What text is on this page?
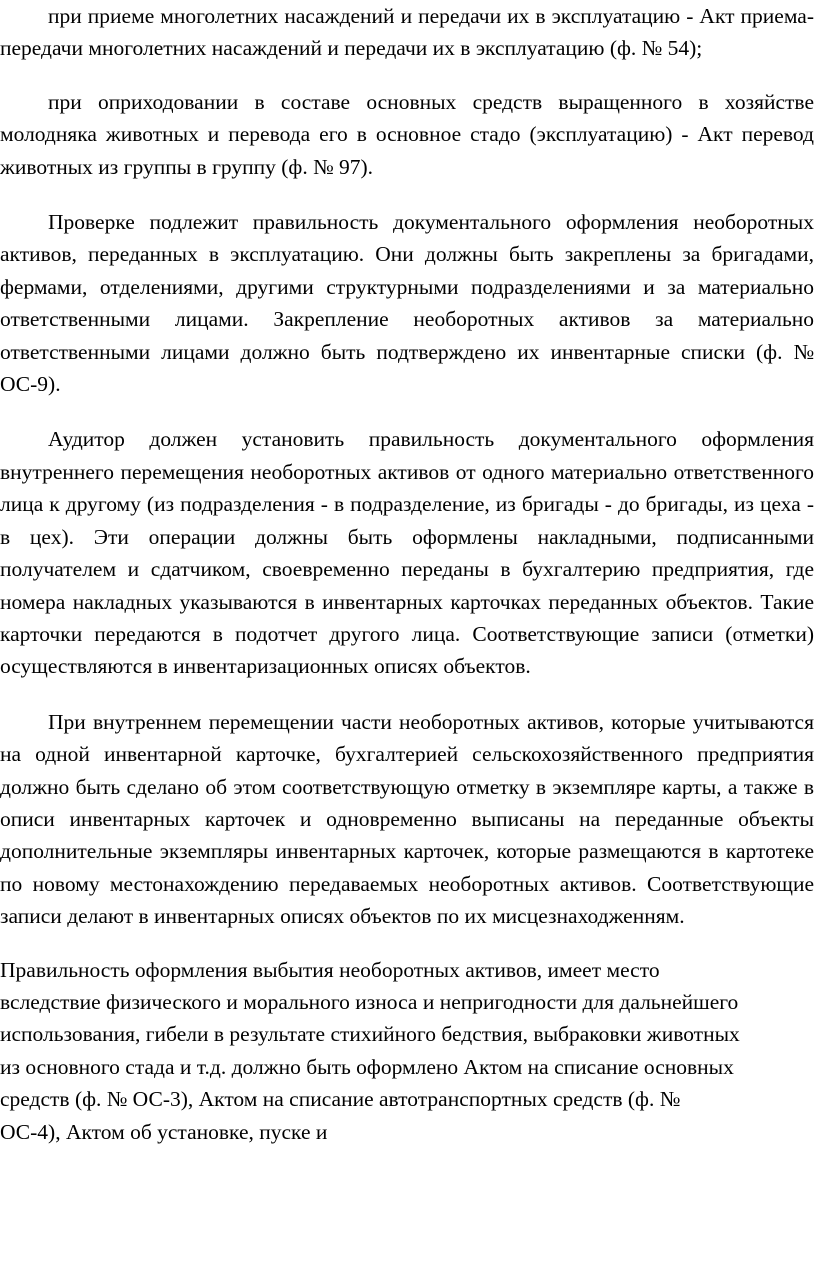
при приеме многолетних насаждений и передачи их в эксплуатацию - Акт приема-передачи многолетних насаждений и передачи их в эксплуатацию (ф. № 54);

при оприходовании в составе основных средств выращенного в хозяйстве молодняка животных и перевода его в основное стадо (эксплуатацию) - Акт перевод животных из группы в группу (ф. № 97).

Проверке подлежит правильность документального оформления необоротных активов, переданных в эксплуатацию. Они должны быть закреплены за бригадами, фермами, отделениями, другими структурными подразделениями и за материально ответственными лицами. Закрепление необоротных активов за материально ответственными лицами должно быть подтверждено их инвентарные списки (ф. № ОС-9).

Аудитор должен установить правильность документального оформления внутреннего перемещения необоротных активов от одного материально ответственного лица к другому (из подразделения - в подразделение, из бригады - до бригады, из цеха - в цех). Эти операции должны быть оформлены накладными, подписанными получателем и сдатчиком, своевременно переданы в бухгалтерию предприятия, где номера накладных указываются в инвентарных карточках переданных объектов. Такие карточки передаются в подотчет другого лица. Соответствующие записи (отметки) осуществляются в инвентаризационных описях объектов.

При внутреннем перемещении части необоротных активов, которые учитываются на одной инвентарной карточке, бухгалтерией сельскохозяйственного предприятия должно быть сделано об этом соответствующую отметку в экземпляре карты, а также в описи инвентарных карточек и одновременно выписаны на переданные объекты дополнительные экземпляры инвентарных карточек, которые размещаются в картотеке по новому местонахождению передаваемых необоротных активов. Соответствующие записи делают в инвентарных описях объектов по их мисцезнаходженням.

Правильность оформления выбытия необоротных активов, имеет место вследствие физического и морального износа и непригодности для дальнейшего использования, гибели в результате стихийного бедствия, выбраковки животных из основного стада и т.д. должно быть оформлено Актом на списание основных средств (ф. № ОС-3), Актом на списание автотранспортных средств (ф. № ОС-4), Актом об установке, пуске и
